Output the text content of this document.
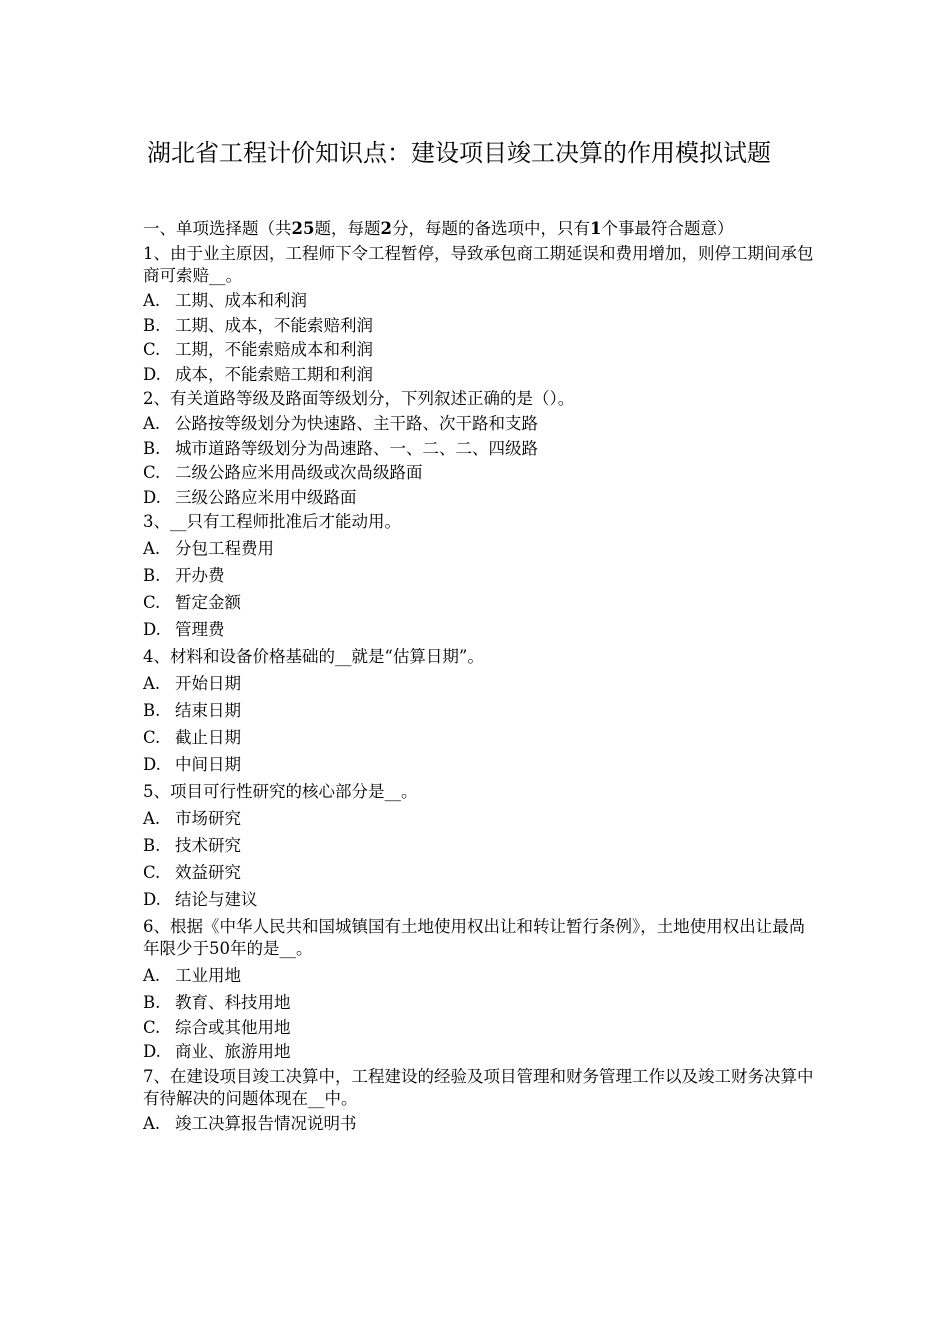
湖北省工程计价知识点：建设项目竣工决算的作用模拟试题
一、单项选择题（共25题，每题2分，每题的备选项中，只有1个事最符合题意）
1、由于业主原因，工程师下令工程暂停，导致承包商工期延误和费用增加，则停工期间承包商可索赔__。
A. 工期、成本和利润
B. 工期、成本，不能索赔利润
C. 工期，不能索赔成本和利润
D. 成本，不能索赔工期和利润
2、有关道路等级及路面等级划分，下列叙述正确的是（）。
A. 公路按等级划分为快速路、主干路、次干路和支路
B. 城市道路等级划分为咼速路、一、二、二、四级路
C. 二级公路应米用咼级或次咼级路面
D. 三级公路应米用中级路面
3、__只有工程师批准后才能动用。
A. 分包工程费用
B. 开办费
C. 暂定金额
D. 管理费
4、材料和设备价格基础的__就是“估算日期”。
A. 开始日期
B. 结束日期
C. 截止日期
D. 中间日期
5、项目可行性研究的核心部分是__。
A. 市场研究
B. 技术研究
C. 效益研究
D. 结论与建议
6、根据《中华人民共和国城镇国有土地使用权出让和转让暂行条例》，土地使用权出让最咼年限少于50年的是__。
A. 工业用地
B. 教育、科技用地
C. 综合或其他用地
D. 商业、旅游用地
7、在建设项目竣工决算中，工程建设的经验及项目管理和财务管理工作以及竣工财务决算中有待解决的问题体现在__中。
A. 竣工决算报告情况说明书
